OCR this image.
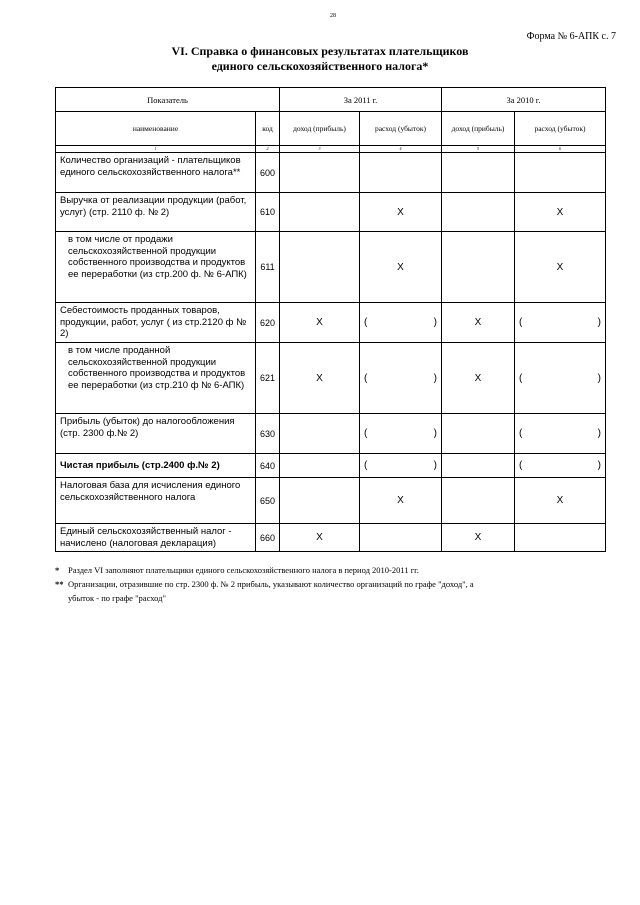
28
Форма № 6-АПК с. 7
VI. Справка о финансовых результатах плательщиков
единого сельскохозяйственного налога*
Показатель		За 2011 г.		За 2010 г.	
наименование	код	доход (прибыль)	расход (убыток)	доход (прибыль)	расход (убыток)
1	2	3	4	5	6
Количество организаций - плательщиков единого сельскохозяйственного налога**	600				
Выручка от реализации продукции (работ, услуг) (стр. 2110 ф. № 2)	610		X		X
в том числе от продажи сельскохозяйственной продукции собственного производства и продуктов ее переработки (из стр.200 ф. № 6-АПК)	611		X		X
Себестоимость проданных товаров, продукции, работ, услуг ( из стр.2120 ф № 2)	620	X	( )	X	( )

в том числе проданной сельскохозяйственной продукции собственного производства и продуктов ее переработки (из стр.210 ф № 6-АПК)	621	X	( )	X	( )

Прибыль (убыток) до налогообложения (стр. 2300 ф.№ 2)	630		( )		( )

Чистая прибыль (стр.2400 ф.№ 2)	640		( )		( )

Налоговая база для исчисления единого сельскохозяйственного налога	650		X		X
Единый сельскохозяйственный налог - начислено (налоговая декларация)	660	X		X	
*	Раздел VI заполняют плательщики единого сельскохозяйственного налога в период 2010-2011 гг.
** Организации, отразившие по стр. 2300 ф. № 2 прибыль, указывают количество организаций по графе "доход", а
убыток - по графе "расход"
